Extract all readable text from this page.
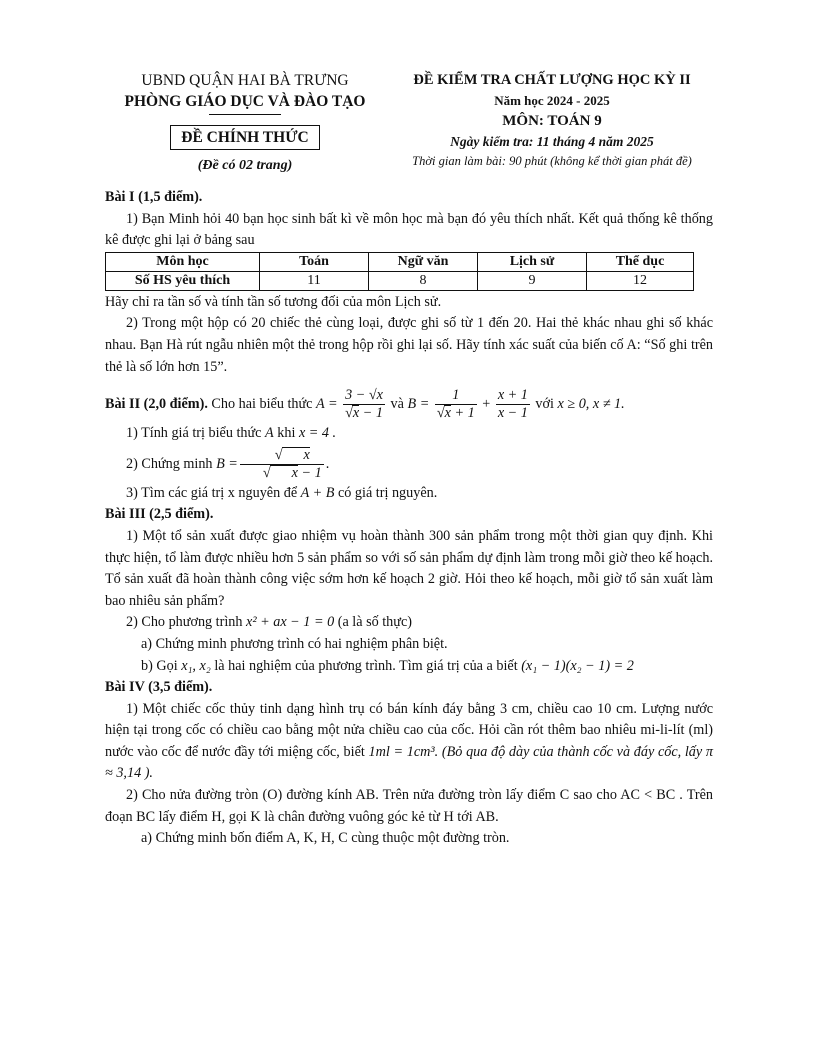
UBND QUẬN HAI BÀ TRƯNG
PHÒNG GIÁO DỤC VÀ ĐÀO TẠO
ĐỀ CHÍNH THỨC
(Đề có 02 trang)
ĐỀ KIỂM TRA CHẤT LƯỢNG HỌC KỲ II
Năm học 2024 - 2025
MÔN: TOÁN 9
Ngày kiểm tra: 11 tháng 4 năm 2025
Thời gian làm bài: 90 phút (không kể thời gian phát đề)

Bài I (1,5 điểm).

1) Bạn Minh hỏi 40 bạn học sinh bất kì về môn học mà bạn đó yêu thích nhất. Kết quả thống kê thống kê được ghi lại ở bảng sau

Môn học	Toán	Ngữ văn	Lịch sử	Thể dục
Số HS yêu thích	11	8	9	12

Hãy chỉ ra tần số và tính tần số tương đối của môn Lịch sử.

2) Trong một hộp có 20 chiếc thẻ cùng loại, được ghi số từ 1 đến 20. Hai thẻ khác nhau ghi số khác nhau. Bạn Hà rút ngẫu nhiên một thẻ trong hộp rồi ghi lại số. Hãy tính xác suất của biến cố A: “Số ghi trên thẻ là số lớn hơn 15”.

Bài II (2,0 điểm). Cho hai biểu thức $A = \frac{3 - √x}{√x - 1}$ và $B = \frac{1}{√x + 1} + \frac{x + 1}{x - 1}$ với x ≥ 0, x ≠ 1.

1) Tính giá trị biểu thức A khi x = 4 .

2) Chứng minh $B = \frac{√ x}{√ x - 1}$ .

3) Tìm các giá trị x nguyên để A + B có giá trị nguyên.

Bài III (2,5 điểm).

1) Một tổ sản xuất được giao nhiệm vụ hoàn thành 300 sản phẩm trong một thời gian quy định. Khi thực hiện, tổ làm được nhiều hơn 5 sản phẩm so với số sản phẩm dự định làm trong mỗi giờ theo kế hoạch. Tổ sản xuất đã hoàn thành công việc sớm hơn kế hoạch 2 giờ. Hỏi theo kế hoạch, mỗi giờ tổ sản xuất làm bao nhiêu sản phẩm?

2) Cho phương trình x² + ax − 1 = 0 (a là số thực)

a) Chứng minh phương trình có hai nghiệm phân biệt.

b) Gọi x₁, x₂ là hai nghiệm của phương trình. Tìm giá trị của a biết (x₁ − 1)(x₂ − 1) = 2

Bài IV (3,5 điểm).

1) Một chiếc cốc thủy tinh dạng hình trụ có bán kính đáy bằng 3 cm, chiều cao 10 cm. Lượng nước hiện tại trong cốc có chiều cao bằng một nửa chiều cao của cốc. Hỏi cần rót thêm bao nhiêu mi-li-lít (ml) nước vào cốc để nước đầy tới miệng cốc, biết 1ml = 1cm³. (Bỏ qua độ dày của thành cốc và đáy cốc, lấy π ≈ 3,14 ).

2) Cho nửa đường tròn (O) đường kính AB. Trên nửa đường tròn lấy điểm C sao cho AC < BC . Trên đoạn BC lấy điểm H, gọi K là chân đường vuông góc kẻ từ H tới AB.

a) Chứng minh bốn điểm A, K, H, C cùng thuộc một đường tròn.
